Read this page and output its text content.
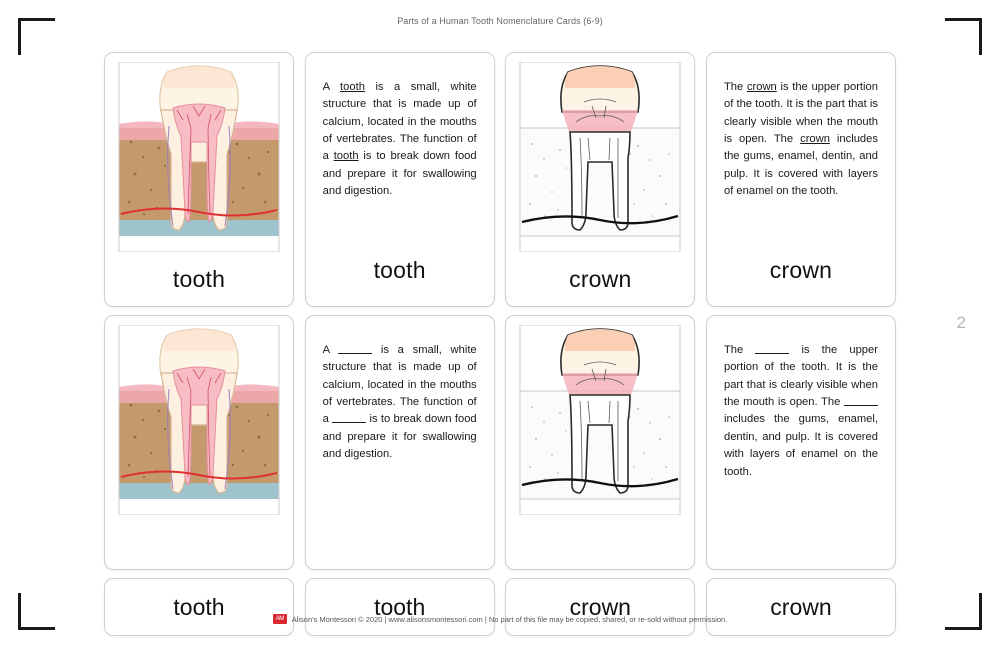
Parts of a Human Tooth Nomenclature Cards (6-9)
2
tooth
A tooth is a small, white structure that is made up of calcium, located in the mouths of vertebrates. The function of a tooth is to break down food and prepare it for swallowing and digestion.
tooth	crown
The crown is the upper portion of the tooth. It is the part that is clearly visible when the mouth is open. The crown includes the gums, enamel, dentin, and pulp. It is covered with layers of enamel on the tooth.
crown
A	is a small, white structure that is made up of calcium, located in the mouths of vertebrates. The function of a	is to break down food and prepare it for swallowing and digestion.
The	is the upper portion of the tooth. It is the part that is clearly visible when the mouth is open. The  includes the gums, enamel, dentin, and pulp. It is covered with layers of enamel on the tooth.
tooth	tooth	crown	crown
AM	Alison's Montessori © 2020 | www.alisonsmontessori.com | No part of this file may be copied, shared, or re-sold without permission.
